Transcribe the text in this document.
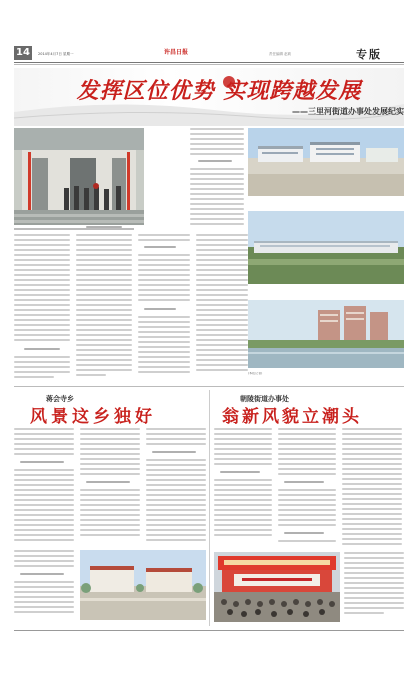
14	2014年4月7日 星期一	许昌日报	责任编辑 赵莉	专版
发挥区位优势 实现跨越发展
——三里河街道办事处发展纪实
(本报记者)
蒋会寺乡
风景这乡独好
朝陵街道办事处
翁新风貌立潮头
